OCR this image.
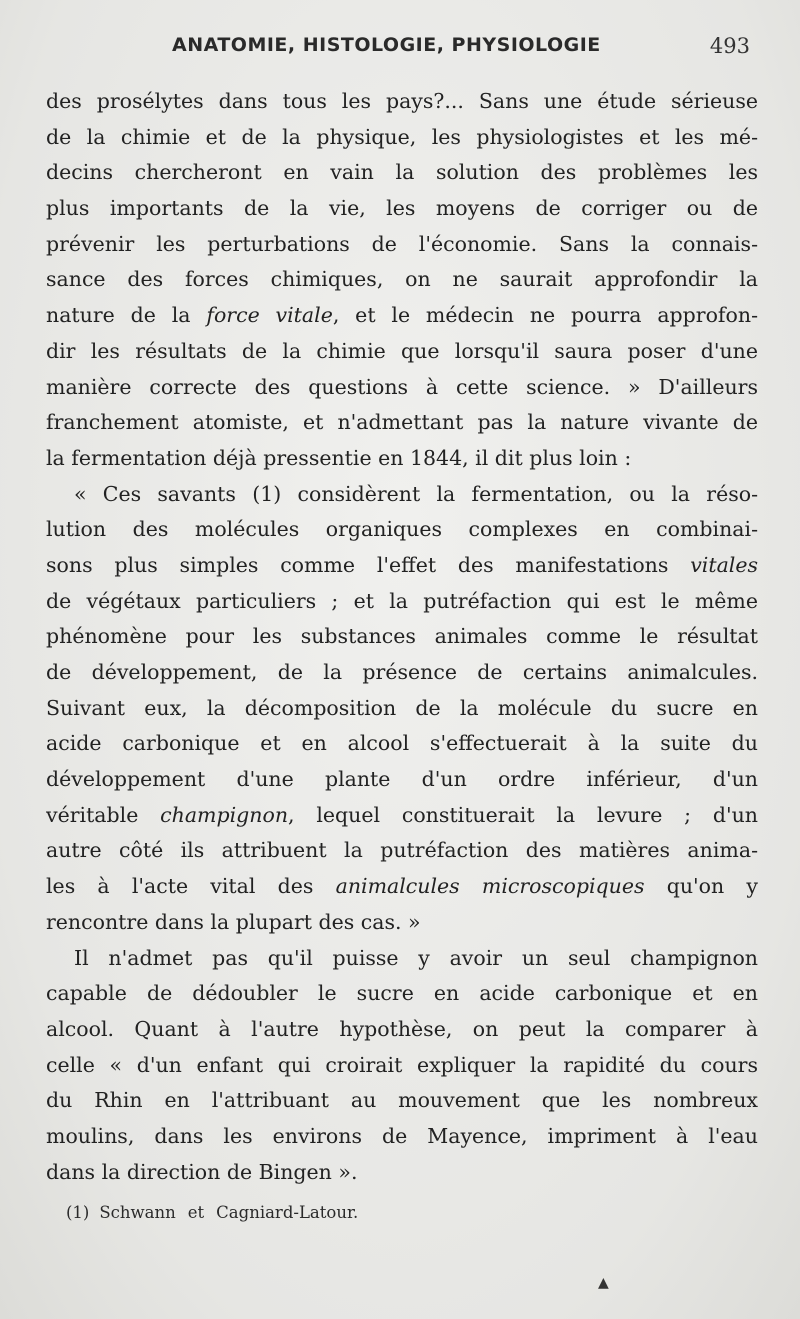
ANATOMIE, HISTOLOGIE, PHYSIOLOGIE	493
des prosélytes dans tous les pays?... Sans une étude sérieuse
de la chimie et de la physique, les physiologistes et les mé-
decins chercheront en vain la solution des problèmes les
plus importants de la vie, les moyens de corriger ou de
prévenir les perturbations de l'économie. Sans la connais-
sance des forces chimiques, on ne saurait approfondir la
nature de la force vitale, et le médecin ne pourra approfon-
dir les résultats de la chimie que lorsqu'il saura poser d'une
manière correcte des questions à cette science. » D'ailleurs
franchement atomiste, et n'admettant pas la nature vivante de
la fermentation déjà pressentie en 1844, il dit plus loin :
« Ces savants (1) considèrent la fermentation, ou la réso-
lution des molécules organiques complexes en combinai-
sons plus simples comme l'effet des manifestations vitales
de végétaux particuliers ; et la putréfaction qui est le même
phénomène pour les substances animales comme le résultat
de développement, de la présence de certains animalcules.
Suivant eux, la décomposition de la molécule du sucre en
acide carbonique et en alcool s'effectuerait à la suite du
développement d'une plante d'un ordre inférieur, d'un
véritable champignon, lequel constituerait la levure ; d'un
autre côté ils attribuent la putréfaction des matières anima-
les à l'acte vital des animalcules microscopiques qu'on y
rencontre dans la plupart des cas. »
Il n'admet pas qu'il puisse y avoir un seul champignon
capable de dédoubler le sucre en acide carbonique et en
alcool. Quant à l'autre hypothèse, on peut la comparer à
celle « d'un enfant qui croirait expliquer la rapidité du cours
du Rhin en l'attribuant au mouvement que les nombreux
moulins, dans les environs de Mayence, impriment à l'eau
dans la direction de Bingen ».
(1) Schwann et Cagniard-Latour.
▲
